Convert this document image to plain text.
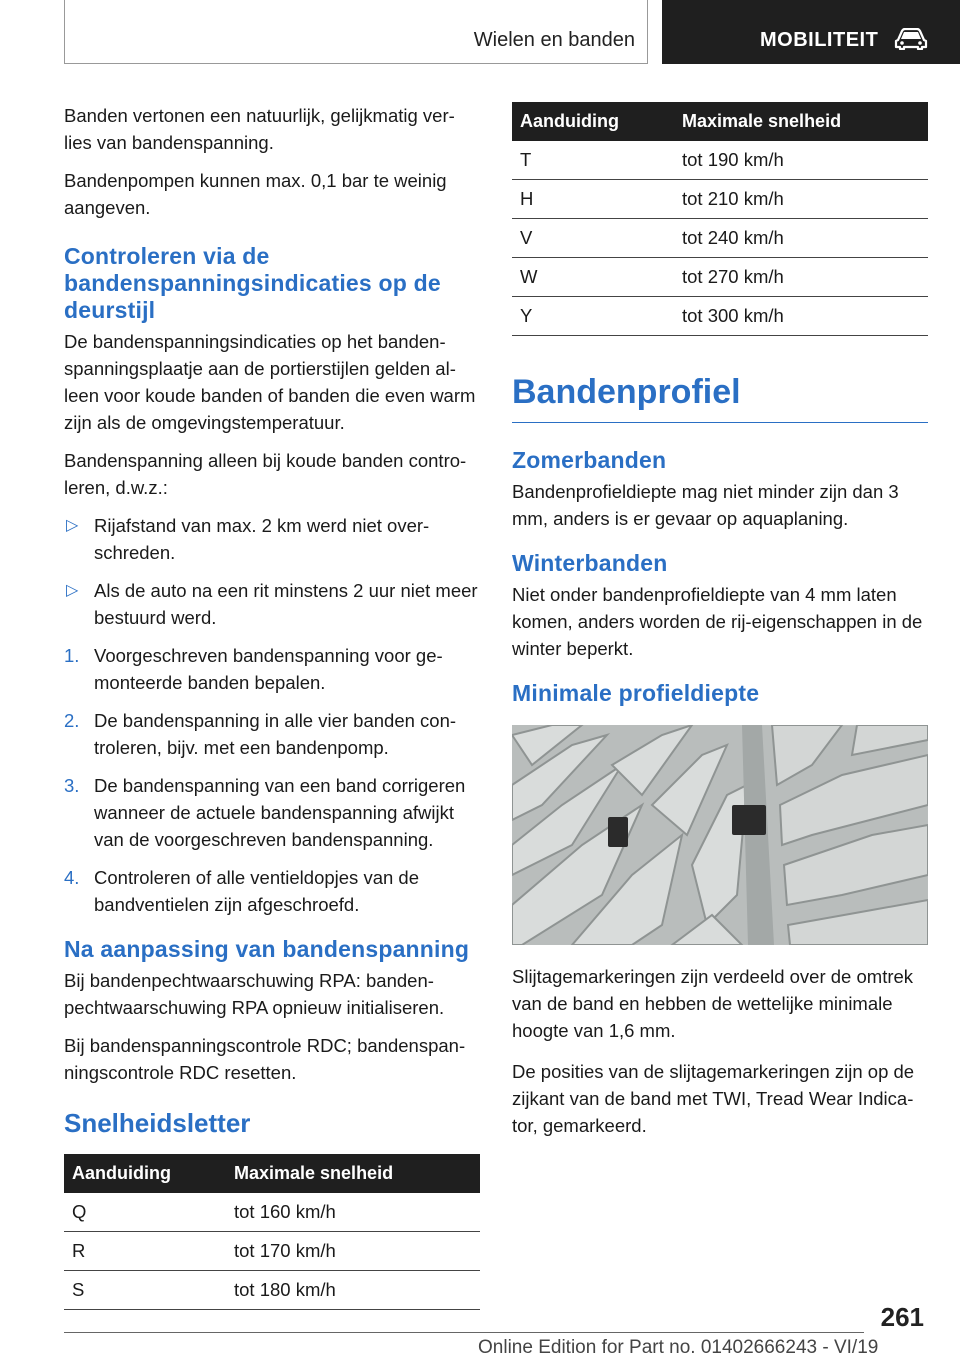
Wielen en banden	MOBILITEIT

Banden vertonen een natuurlijk, gelijkmatig ver-lies van bandenspanning.

Bandenpompen kunnen max. 0,1 bar te weinig aangeven.

Controleren via de bandenspanningsindicaties op de deurstijl

De bandenspanningsindicaties op het banden-spanningsplaatje aan de portierstijlen gelden al-leen voor koude banden of banden die even warm zijn als de omgevingstemperatuur.

Bandenspanning alleen bij koude banden contro-leren, d.w.z.:

▷ Rijafstand van max. 2 km werd niet over-schreden.
▷ Als de auto na een rit minstens 2 uur niet meer bestuurd werd.
1. Voorgeschreven bandenspanning voor ge-monteerde banden bepalen.
2. De bandenspanning in alle vier banden con-troleren, bijv. met een bandenpomp.
3. De bandenspanning van een band corrigeren wanneer de actuele bandenspanning afwijkt van de voorgeschreven bandenspanning.
4. Controleren of alle ventieldopjes van de bandventielen zijn afgeschroefd.
Na aanpassing van bandenspanning

Bij bandenpechtwaarschuwing RPA: banden-pechtwaarschuwing RPA opnieuw initialiseren.

Bij bandenspanningscontrole RDC; bandenspan-ningscontrole RDC resetten.

Snelheidsletter
Aanduiding	Maximale snelheid
Q	tot 160 km/h
R	tot 170 km/h
S	tot 180 km/h
Aanduiding	Maximale snelheid
T	tot 190 km/h
H	tot 210 km/h
V	tot 240 km/h
W	tot 270 km/h
Y	tot 300 km/h
Bandenprofiel
Zomerbanden

Bandenprofieldiepte mag niet minder zijn dan 3 mm, anders is er gevaar op aquaplaning.

Winterbanden

Niet onder bandenprofieldiepte van 4 mm laten komen, anders worden de rij-eigenschappen in de winter beperkt.

Minimale profieldiepte

Slijtagemarkeringen zijn verdeeld over de omtrek van de band en hebben de wettelijke minimale hoogte van 1,6 mm.

De posities van de slijtagemarkeringen zijn op de zijkant van de band met TWI, Tread Wear Indica-tor, gemarkeerd.

261
Online Edition for Part no. 01402666243 - VI/19
